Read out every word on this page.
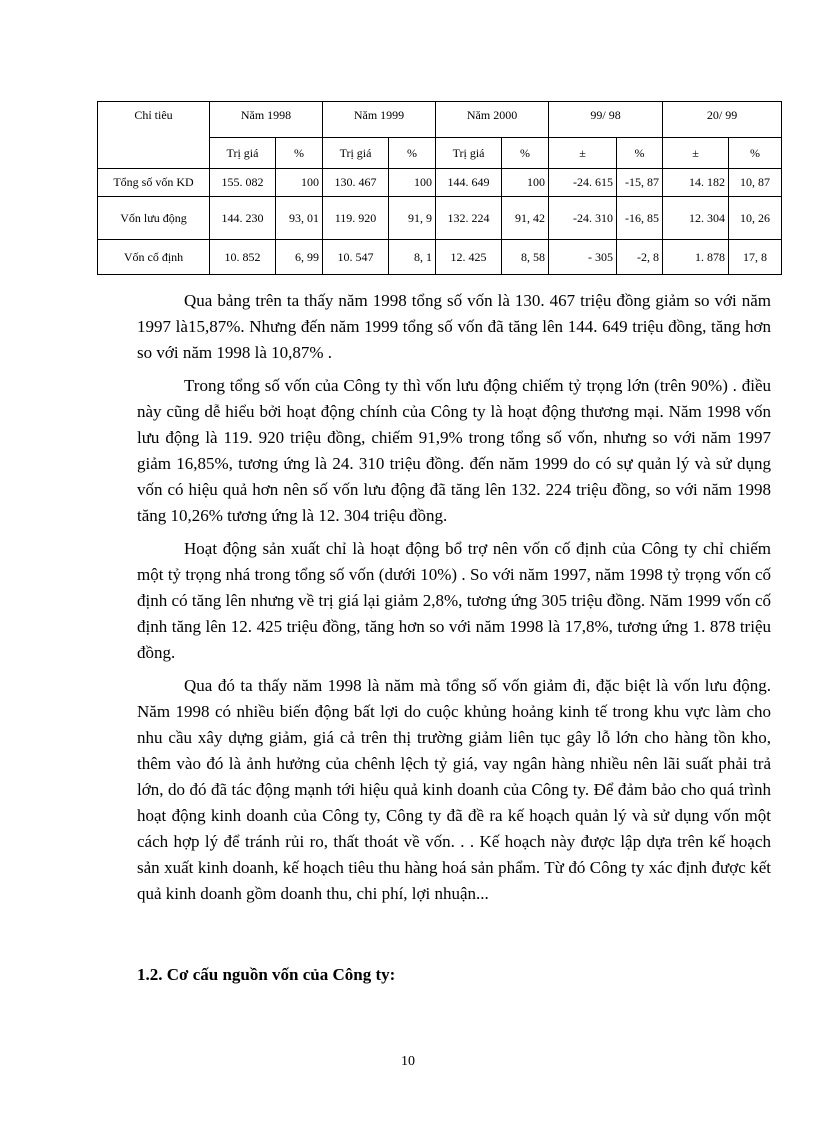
Chỉ tiêu	Năm 1998		Năm 1999		Năm 2000		99/ 98		20/ 99	
	Trị giá	%	Trị giá	%	Trị giá	%	±	%	±	%
Tổng số vốn KD	155. 082	100	130. 467	100	144. 649	100	-24. 615	-15, 87	14. 182	10, 87
Vốn lưu động	144. 230	93, 01	119. 920	91, 9	132. 224	91, 42	-24. 310	-16, 85	12. 304	10, 26
Vốn cố định	10. 852	6, 99	10. 547	8, 1	12. 425	8, 58	- 305	-2, 8	1. 878	17, 8

Qua bảng trên ta thấy năm 1998 tổng số vốn là 130. 467 triệu đồng giảm so với năm 1997 là15,87%. Nhưng đến năm 1999 tổng số vốn đã tăng lên 144. 649 triệu đồng, tăng hơn so với năm 1998 là 10,87% .

Trong tổng số vốn của Công ty thì vốn lưu động chiếm tỷ trọng lớn (trên 90%) . điều này cũng dễ hiểu bởi hoạt động chính của Công ty là hoạt động thương mại. Năm 1998 vốn lưu động là 119. 920 triệu đồng, chiếm 91,9% trong tổng số vốn, nhưng so với năm 1997 giảm 16,85%, tương ứng là 24. 310 triệu đồng. đến năm 1999 do có sự quản lý và sử dụng vốn có hiệu quả hơn nên số vốn lưu động đã tăng lên 132. 224 triệu đồng, so với năm 1998 tăng 10,26% tương ứng là 12. 304 triệu đồng.

Hoạt động sản xuất chỉ là hoạt động bổ trợ nên vốn cố định của Công ty chỉ chiếm một tỷ trọng nhá trong tổng số vốn (dưới 10%) . So với năm 1997, năm 1998 tỷ trọng vốn cố định có tăng lên nhưng về trị giá lại giảm 2,8%, tương ứng 305 triệu đồng. Năm 1999 vốn cố định tăng lên 12. 425 triệu đồng, tăng hơn so với năm 1998 là 17,8%, tương ứng 1. 878 triệu đồng.

Qua đó ta thấy năm 1998 là năm mà tổng số vốn giảm đi, đặc biệt là vốn lưu động. Năm 1998 có nhiều biến động bất lợi do cuộc khủng hoảng kinh tế trong khu vực làm cho nhu cầu xây dựng giảm, giá cả trên thị trường giảm liên tục gây lỗ lớn cho hàng tồn kho, thêm vào đó là ảnh hưởng của chênh lệch tỷ giá, vay ngân hàng nhiều nên lãi suất phải trả lớn, do đó đã tác động mạnh tới hiệu quả kinh doanh của Công ty. Để đảm bảo cho quá trình hoạt động kinh doanh của Công ty, Công ty đã đề ra kế hoạch quản lý và sử dụng vốn một cách hợp lý để tránh rủi ro, thất thoát về vốn. . . Kế hoạch này được lập dựa trên kế hoạch sản xuất kinh doanh, kế hoạch tiêu thu hàng hoá sản phẩm. Từ đó Công ty xác định được kết quả kinh doanh gồm doanh thu, chi phí, lợi nhuận...

1.2. Cơ cấu nguồn vốn của Công ty:
10
